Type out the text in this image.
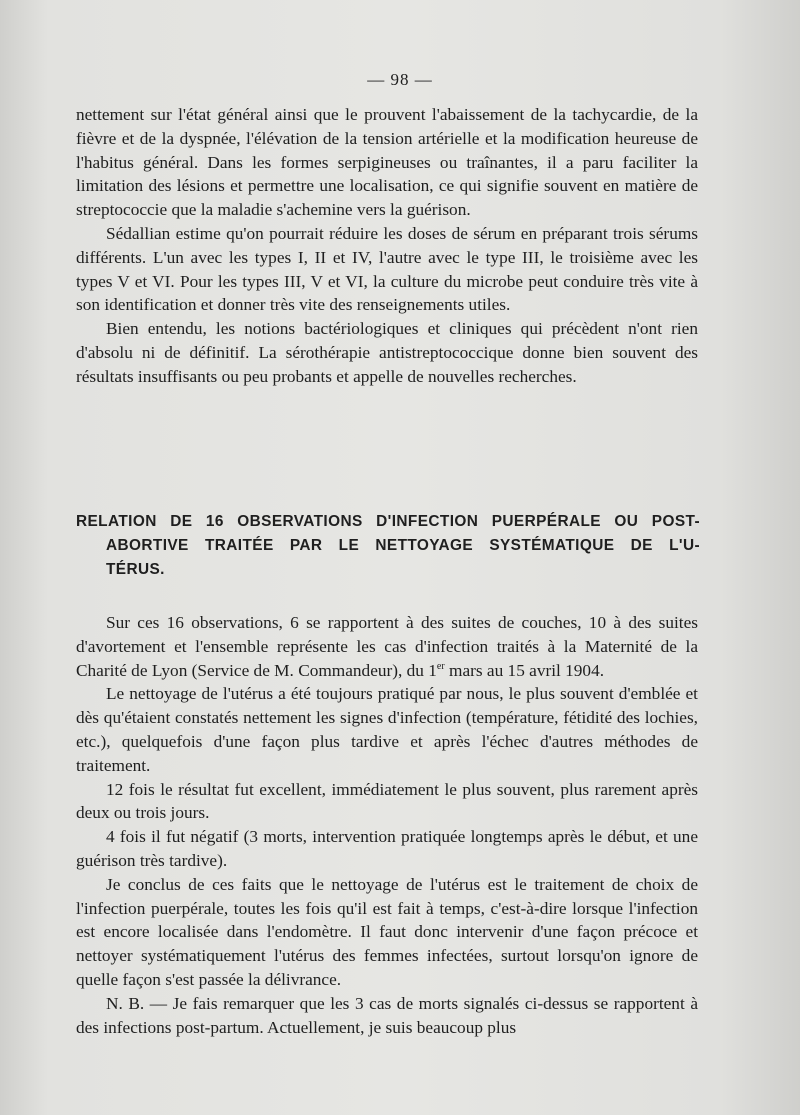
— 98 —

nettement sur l'état général ainsi que le prouvent l'abaissement de la tachycardie, de la fièvre et de la dyspnée, l'élévation de la tension artérielle et la modification heureuse de l'habitus général. Dans les formes serpigineuses ou traînantes, il a paru faciliter la limitation des lésions et permettre une localisation, ce qui signifie souvent en matière de streptococcie que la maladie s'achemine vers la guérison.

Sédallian estime qu'on pourrait réduire les doses de sérum en préparant trois sérums différents. L'un avec les types I, II et IV, l'autre avec le type III, le troisième avec les types V et VI. Pour les types III, V et VI, la culture du microbe peut conduire très vite à son identification et donner très vite des renseignements utiles.

Bien entendu, les notions bactériologiques et cliniques qui précèdent n'ont rien d'absolu ni de définitif. La sérothérapie antistreptococcique donne bien souvent des résultats insuffisants ou peu probants et appelle de nouvelles recherches.

RELATION DE 16 OBSERVATIONS D'INFECTION PUERPÉRALE OU POST-
ABORTIVE TRAITÉE PAR LE NETTOYAGE SYSTÉMATIQUE DE L'U-
TÉRUS.

Sur ces 16 observations, 6 se rapportent à des suites de couches, 10 à des suites d'avortement et l'ensemble représente les cas d'infection traités à la Maternité de la Charité de Lyon (Service de M. Commandeur), du 1er mars au 15 avril 1904.

Le nettoyage de l'utérus a été toujours pratiqué par nous, le plus souvent d'emblée et dès qu'étaient constatés nettement les signes d'infection (température, fétidité des lochies, etc.), quelquefois d'une façon plus tardive et après l'échec d'autres méthodes de traitement.

12 fois le résultat fut excellent, immédiatement le plus souvent, plus rarement après deux ou trois jours.

4 fois il fut négatif (3 morts, intervention pratiquée longtemps après le début, et une guérison très tardive).

Je conclus de ces faits que le nettoyage de l'utérus est le traitement de choix de l'infection puerpérale, toutes les fois qu'il est fait à temps, c'est-à-dire lorsque l'infection est encore localisée dans l'endomètre. Il faut donc intervenir d'une façon précoce et nettoyer systématiquement l'utérus des femmes infectées, surtout lorsqu'on ignore de quelle façon s'est passée la délivrance.

N. B. — Je fais remarquer que les 3 cas de morts signalés ci-dessus se rapportent à des infections post-partum. Actuellement, je suis beaucoup plus
